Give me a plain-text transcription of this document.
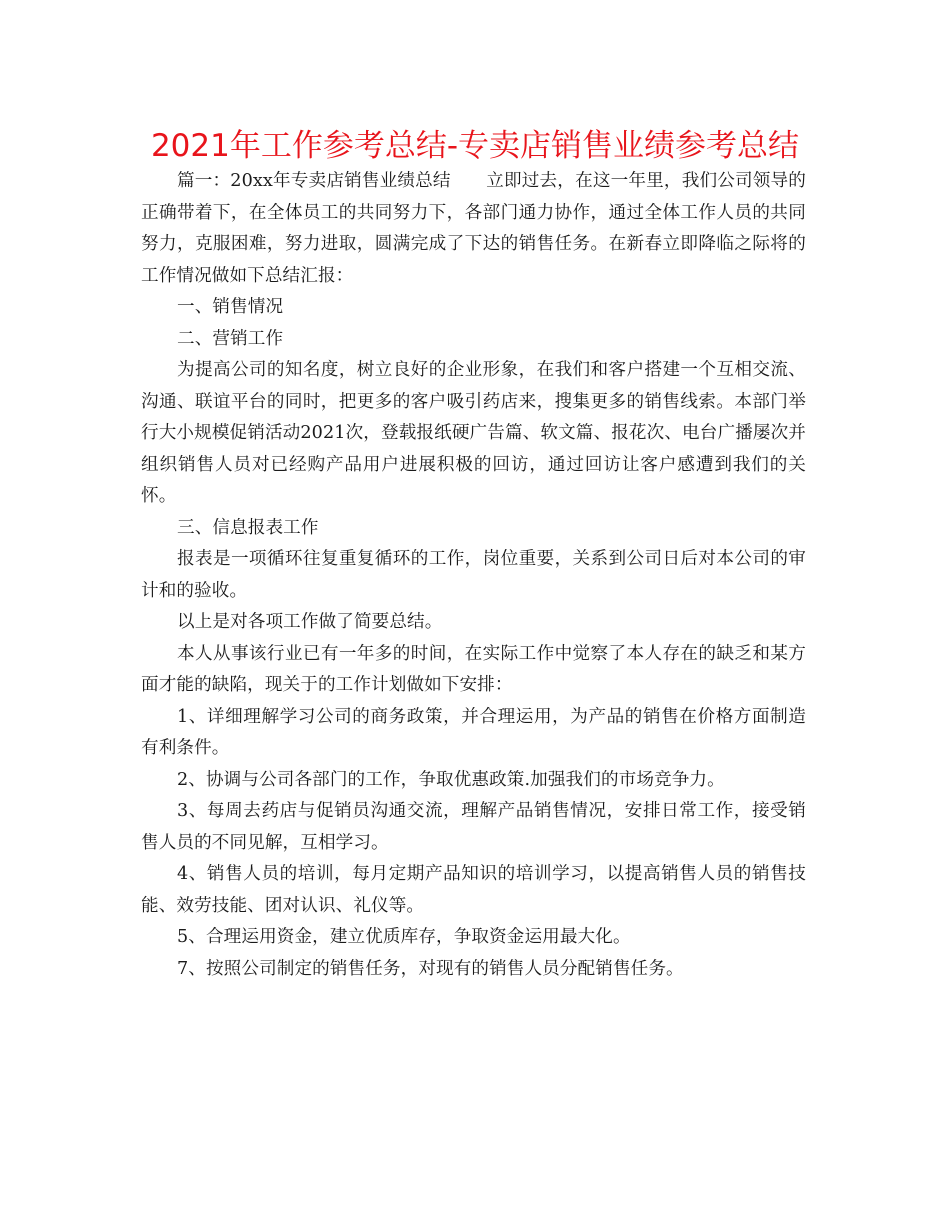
2021年工作参考总结-专卖店销售业绩参考总结

篇一：20xx年专卖店销售业绩总结　　立即过去，在这一年里，我们公司领导的正确带着下，在全体员工的共同努力下，各部门通力协作，通过全体工作人员的共同努力，克服困难，努力进取，圆满完成了下达的销售任务。在新春立即降临之际将的工作情况做如下总结汇报：

一、销售情况

二、营销工作

为提高公司的知名度，树立良好的企业形象，在我们和客户搭建一个互相交流、沟通、联谊平台的同时，把更多的客户吸引药店来，搜集更多的销售线索。本部门举行大小规模促销活动2021次，登载报纸硬广告篇、软文篇、报花次、电台广播屡次并组织销售人员对已经购产品用户进展积极的回访，通过回访让客户感遭到我们的关怀。

三、信息报表工作

报表是一项循环往复重复循环的工作，岗位重要，关系到公司日后对本公司的审计和的验收。

以上是对各项工作做了简要总结。

本人从事该行业已有一年多的时间，在实际工作中觉察了本人存在的缺乏和某方面才能的缺陷，现关于的工作计划做如下安排：

1、详细理解学习公司的商务政策，并合理运用，为产品的销售在价格方面制造有利条件。

2、协调与公司各部门的工作，争取优惠政策.加强我们的市场竞争力。

3、每周去药店与促销员沟通交流，理解产品销售情况，安排日常工作，接受销售人员的不同见解，互相学习。

4、销售人员的培训，每月定期产品知识的培训学习，以提高销售人员的销售技能、效劳技能、团对认识、礼仪等。

5、合理运用资金，建立优质库存，争取资金运用最大化。

7、按照公司制定的销售任务，对现有的销售人员分配销售任务。
